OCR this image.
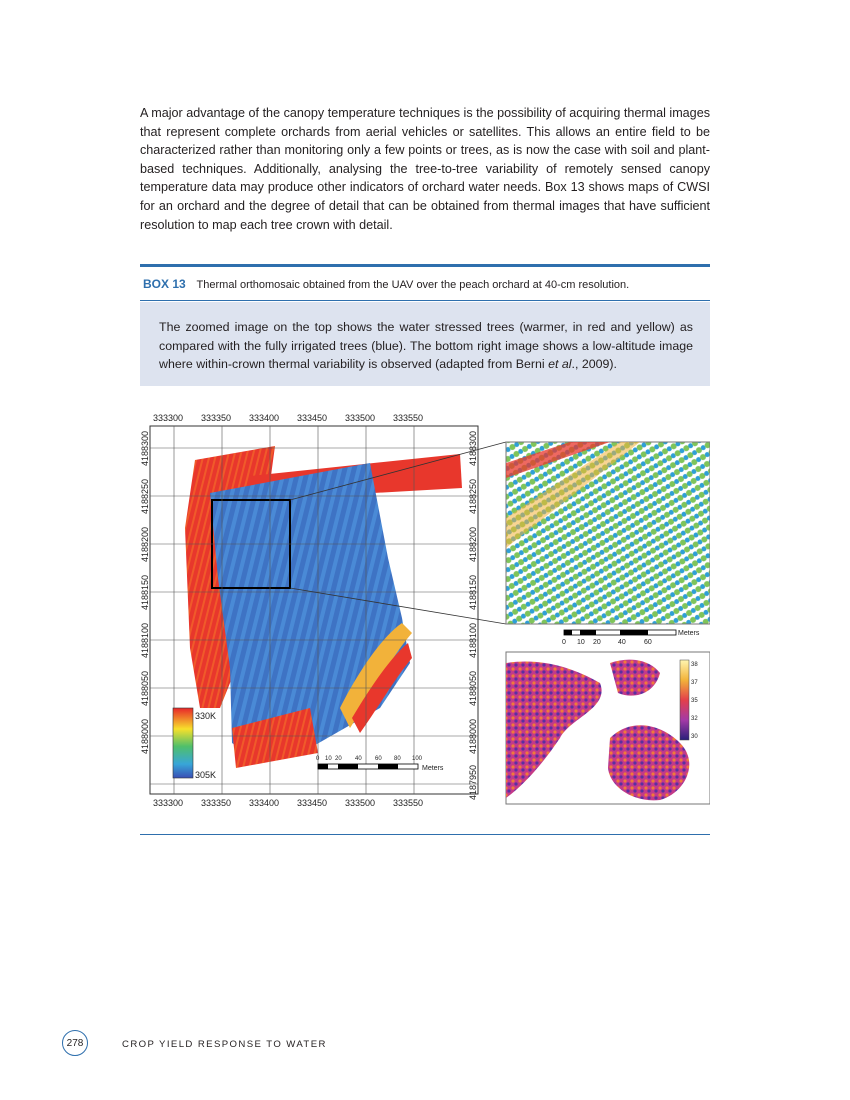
A major advantage of the canopy temperature techniques is the possibility of acquiring thermal images that represent complete orchards from aerial vehicles or satellites. This allows an entire field to be characterized rather than monitoring only a few points or trees, as is now the case with soil and plant-based techniques. Additionally, analysing the tree-to-tree variability of remotely sensed canopy temperature data may produce other indicators of orchard water needs. Box 13 shows maps of CWSI for an orchard and the degree of detail that can be obtained from thermal images that have sufficient resolution to map each tree crown with detail.

BOX 13 Thermal orthomosaic obtained from the UAV over the peach orchard at 40-cm resolution.

The zoomed image on the top shows the water stressed trees (warmer, in red and yellow) as compared with the fully irrigated trees (blue). The bottom right image shows a low-altitude image where within-crown thermal variability is observed (adapted from Berni et al., 2009).

333300 333350 333400 333450 333500 333550
333300 333350 333400 333450 333500 333550
4188300
4188250
4188200
4188150
4188100
4188050
4188000
4188300
4188250
4188200
4188150
4188100
4188050
4188000
4187950
330K
305K
0 10 20 40 60 80 100
Meters
0 10 20 40	60
Meters
38
37
35
32
30
278	CROP YIELD RESPONSE TO WATER
